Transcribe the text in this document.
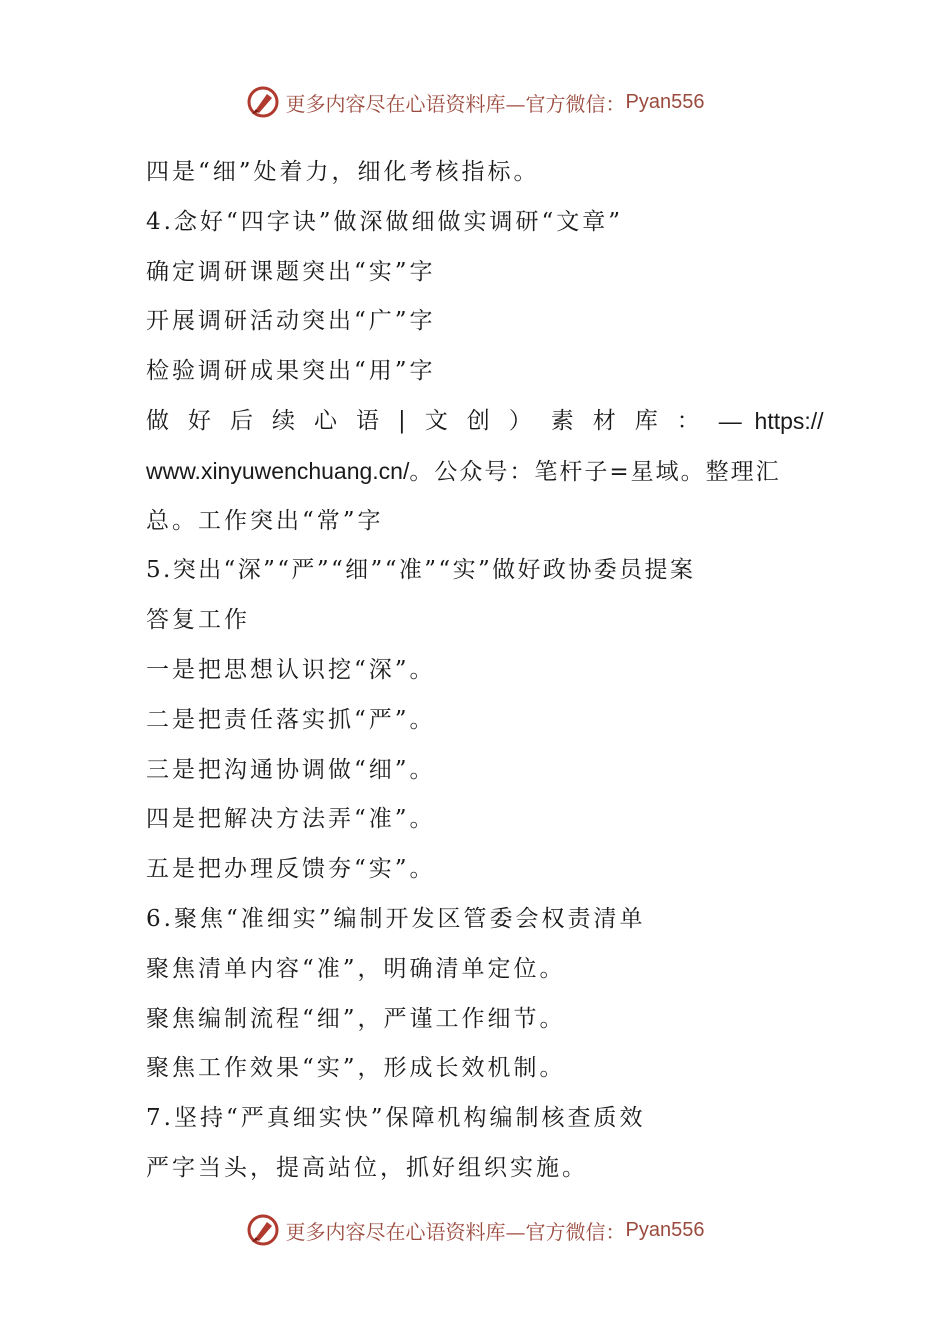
更多内容尽在心语资料库—官方微信： Pyan556
四是“细”处着力，细化考核指标。
4.念好“四字诀”做深做细做实调研“文章”
确定调研课题突出“实”字
开展调研活动突出“广”字
检验调研成果突出“用”字
做好后续心语|文创）素材库： —  https://
www.xinyuwenchuang.cn/。公众号：笔杆子=星域。整理汇
总。工作突出“常”字
5.突出“深”“严”“细”“准”“实”做好政协委员提案
答复工作
一是把思想认识挖“深”。
二是把责任落实抓“严”。
三是把沟通协调做“细”。
四是把解决方法弄“准”。
五是把办理反馈夯“实”。
6.聚焦“准细实”编制开发区管委会权责清单
聚焦清单内容“准”，明确清单定位。
聚焦编制流程“细”，严谨工作细节。
聚焦工作效果“实”，形成长效机制。
7.坚持“严真细实快”保障机构编制核查质效
严字当头，提高站位，抓好组织实施。
更多内容尽在心语资料库—官方微信： Pyan556
